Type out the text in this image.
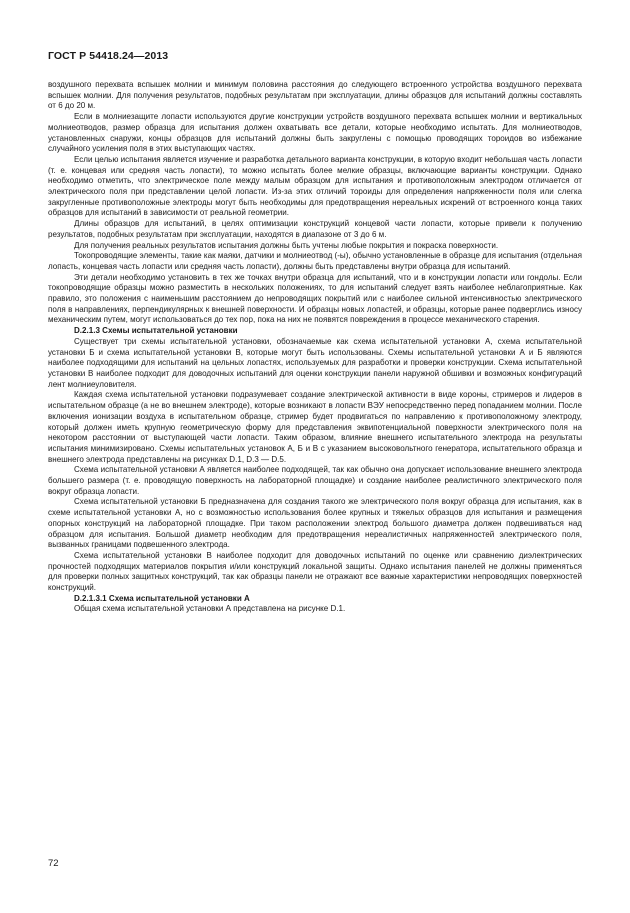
ГОСТ Р 54418.24—2013

воздушного перехвата вспышек молнии и минимум половина расстояния до следующего встроенного устройства воздушного перехвата вспышек молнии. Для получения результатов, подобных результатам при эксплуатации, длины образцов для испытаний должны составлять от 6 до 20 м.

Если в молниезащите лопасти используются другие конструкции устройств воздушного перехвата вспышек молнии и вертикальных молниеотводов, размер образца для испытания должен охватывать все детали, которые необходимо испытать. Для молниеотводов, установленных снаружи, концы образцов для испытаний должны быть закруглены с помощью проводящих тороидов во избежание случайного усиления поля в этих выступающих частях.

Если целью испытания является изучение и разработка детального варианта конструкции, в которую входит небольшая часть лопасти (т. е. концевая или средняя часть лопасти), то можно испытать более мелкие образцы, включающие варианты конструкции. Однако необходимо отметить, что электрическое поле между малым образцом для испытания и противоположным электродом отличается от электрического поля при представлении целой лопасти. Из-за этих отличий тороиды для определения напряженности поля или слегка закругленные противоположные электроды могут быть необходимы для предотвращения нереальных искрений от встроенного конца таких образцов для испытаний в зависимости от реальной геометрии.

Длины образцов для испытаний, в целях оптимизации конструкций концевой части лопасти, которые привели к получению результатов, подобных результатам при эксплуатации, находятся в диапазоне от 3 до 6 м.

Для получения реальных результатов испытания должны быть учтены любые покрытия и покраска поверхности.

Токопроводящие элементы, такие как маяки, датчики и молниеотвод (-ы), обычно установленные в образце для испытания (отдельная лопасть, концевая часть лопасти или средняя часть лопасти), должны быть представлены внутри образца для испытаний.

Эти детали необходимо установить в тех же точках внутри образца для испытаний, что и в конструкции лопасти или гондолы. Если токопроводящие образцы можно разместить в нескольких положениях, то для испытаний следует взять наиболее неблагоприятные. Как правило, это положения с наименьшим расстоянием до непроводящих покрытий или с наиболее сильной интенсивностью электрического поля в направлениях, перпендикулярных к внешней поверхности. И образцы новых лопастей, и образцы, которые ранее подверглись износу механическим путем, могут использоваться до тех пор, пока на них не появятся повреждения в процессе механического старения.

D.2.1.3 Схемы испытательной установки

Существует три схемы испытательной установки, обозначаемые как схема испытательной установки А, схема испытательной установки Б и схема испытательной установки В, которые могут быть использованы. Схемы испытательной установки А и Б являются наиболее подходящими для испытаний на цельных лопастях, используемых для разработки и проверки конструкции. Схема испытательной установки В наиболее подходит для доводочных испытаний для оценки конструкции панели наружной обшивки и возможных конфигураций лент молниеуловителя.

Каждая схема испытательной установки подразумевает создание электрической активности в виде короны, стримеров и лидеров в испытательном образце (а не во внешнем электроде), которые возникают в лопасти ВЭУ непосредственно перед попаданием молнии. После включения ионизации воздуха в испытательном образце, стример будет продвигаться по направлению к противоположному электроду, который должен иметь крупную геометрическую форму для представления эквипотенциальной поверхности электрического поля на некотором расстоянии от выступающей части лопасти. Таким образом, влияние внешнего испытательного электрода на результаты испытания минимизировано. Схемы испытательных установок А, Б и В с указанием высоковольтного генератора, испытательного образца и внешнего электрода представлены на рисунках D.1, D.3 — D.5.

Схема испытательной установки А является наиболее подходящей, так как обычно она допускает использование внешнего электрода большего размера (т. е. проводящую поверхность на лабораторной площадке) и создание наиболее реалистичного электрического поля вокруг образца лопасти.

Схема испытательной установки Б предназначена для создания такого же электрического поля вокруг образца для испытания, как в схеме испытательной установки А, но с возможностью использования более крупных и тяжелых образцов для испытания и размещения опорных конструкций на лабораторной площадке. При таком расположении электрод большого диаметра должен подвешиваться над образцом для испытания. Большой диаметр необходим для предотвращения нереалистичных напряженностей электрического поля, вызванных границами подвешенного электрода.

Схема испытательной установки В наиболее подходит для доводочных испытаний по оценке или сравнению диэлектрических прочностей подходящих материалов покрытия и/или конструкций локальной защиты. Однако испытания панелей не должны применяться для проверки полных защитных конструкций, так как образцы панели не отражают все важные характеристики непроводящих поверхностей конструкций.

D.2.1.3.1 Схема испытательной установки А

Общая схема испытательной установки А представлена на рисунке D.1.

72
